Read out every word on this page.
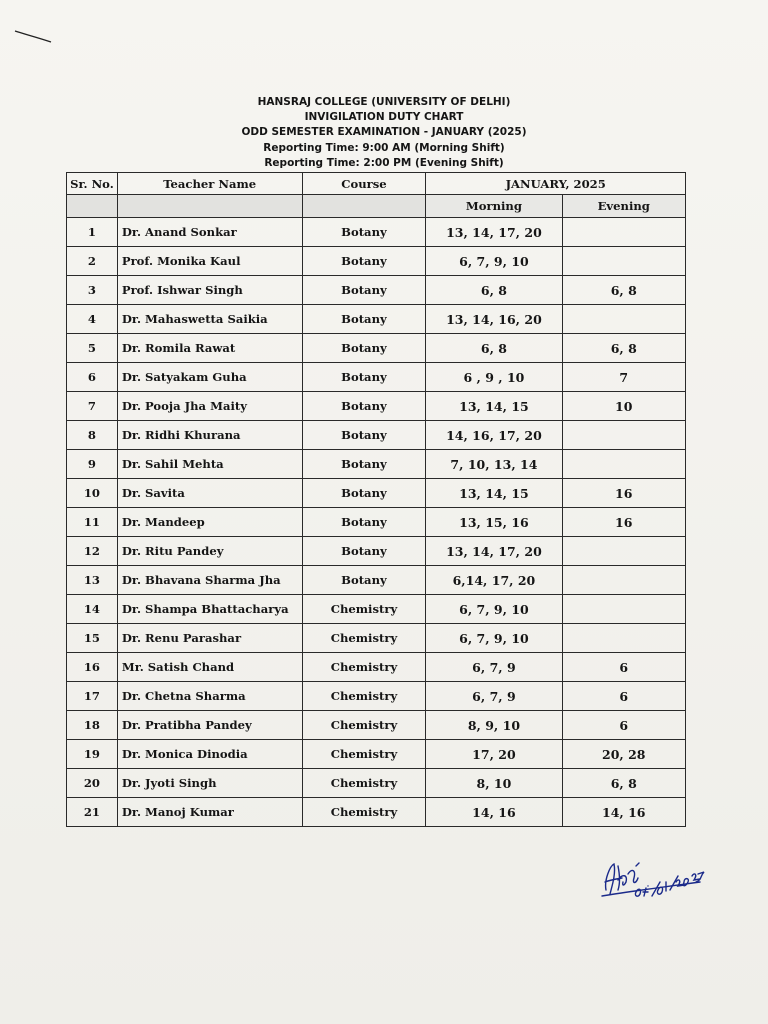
HANSRAJ COLLEGE (UNIVERSITY OF DELHI)
INVIGILATION DUTY CHART
ODD SEMESTER EXAMINATION - JANUARY (2025)
Reporting Time: 9:00 AM (Morning Shift)
Reporting Time: 2:00 PM (Evening Shift)
Sr. No.	Teacher Name	Course	JANUARY, 2025	
			Morning	Evening
1	Dr. Anand Sonkar	Botany	13, 14, 17, 20	
2	Prof. Monika Kaul	Botany	6, 7, 9, 10	
3	Prof. Ishwar Singh	Botany	6, 8	6, 8
4	Dr. Mahaswetta Saikia	Botany	13, 14, 16, 20	
5	Dr. Romila Rawat	Botany	6, 8	6, 8
6	Dr. Satyakam Guha	Botany	6 , 9 , 10	7
7	Dr. Pooja Jha Maity	Botany	13, 14, 15	10
8	Dr. Ridhi Khurana	Botany	14, 16, 17, 20	
9	Dr. Sahil Mehta	Botany	7, 10, 13, 14	
10	Dr. Savita	Botany	13, 14, 15	16
11	Dr. Mandeep	Botany	13, 15, 16	16
12	Dr. Ritu Pandey	Botany	13, 14, 17, 20	
13	Dr. Bhavana Sharma Jha	Botany	6,14, 17, 20	
14	Dr. Shampa Bhattacharya	Chemistry	6, 7, 9, 10	
15	Dr. Renu Parashar	Chemistry	6, 7, 9, 10	
16	Mr. Satish Chand	Chemistry	6, 7, 9	6
17	Dr. Chetna Sharma	Chemistry	6, 7, 9	6
18	Dr. Pratibha Pandey	Chemistry	8, 9, 10	6
19	Dr. Monica Dinodia	Chemistry	17, 20	20, 28
20	Dr. Jyoti Singh	Chemistry	8, 10	6, 8
21	Dr. Manoj Kumar	Chemistry	14, 16	14, 16
